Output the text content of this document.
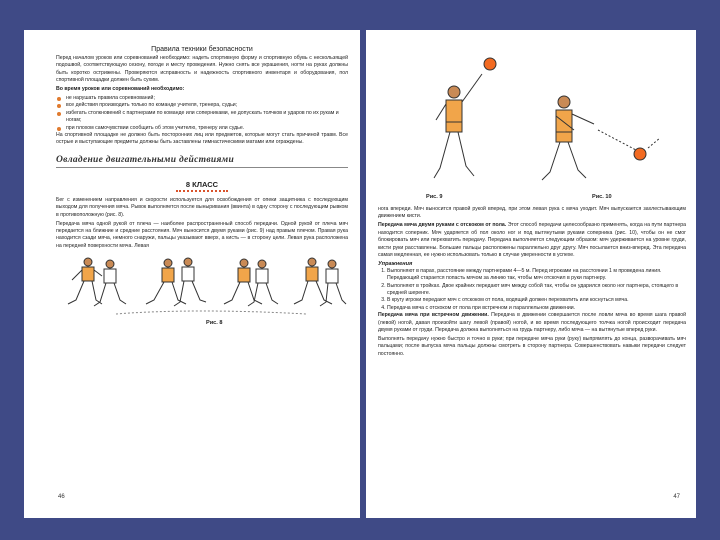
Правила техники безопасности

Перед началом уроков или соревнований необходимо: надеть спортивную форму и спортивную обувь с нескользящей подошвой, соответствующую сезону, погоде и месту проведения. Нужно снять все украшения, ногти на руках должны быть коротко острижены. Проверяются исправность и надежность спортивного инвентаря и оборудования, пол спортивной площадки должен быть сухим.

Во время уроков или соревнований необходимо:

не нарушать правила соревнований;
все действия производить только по команде учителя, тренера, судьи;
избегать столкновений с партнерами по команде или соперниками, не допускать толчков и ударов по их рукам и ногам;
при плохом самочувствии сообщить об этом учителю, тренеру или судье.

На спортивной площадке не должно быть посторонних лиц или предметов, которые могут стать причиной травм. Все острые и выступающие предметы должны быть заставлены гимнастическими матами или ограждены.

Овладение двигательными действиями
8 КЛАСС

Бег с изменением направления и скорости используется для освобождения от опеки защитника с последующим выходом для получения мяча. Рывок выполняется после выныривания (ввинта) в одну сторону с последующим рывком в противоположную (рис. 8).

Передача мяча одной рукой от плеча — наиболее распространенный способ передачи. Одной рукой от плеча мяч передается на ближние и средние расстояния. Мяч выносится двумя руками (рис. 9) над правым плечом. Правая рука находится сзади мяча, немного снаружи, пальцы указывают вверх, а кисть — в сторону цели. Левая рука расположена на передней поверхности мяча. Левая

Рис. 8
46
Рис. 9	Рис. 10

нога впереди. Мяч выносится правой рукой вперед, при этом левая рука с мяча уходит. Мяч выпускается захлестывающим движением кисти.

Передача мяча двумя руками с отскоком от пола. Этот способ передачи целесообразно применять, когда на пути партнера находится соперник. Мяч ударяется об пол около ног и под вытянутыми руками соперника (рис. 10), чтобы он не смог блокировать мяч или перехватить передачу. Передача выполняется следующим образом: мяч удерживается на уровне груди, кисти руки расставлены. Большие пальцы расположены параллельно друг другу. Мяч посылается вниз-вперед. Эта передача самая медленная, ее нужно использовать только в случае уверенности в успехе.

Упражнения
1. Выполняют в парах, расстояние между партнерами 4—5 м. Перед игроками на расстоянии 1 м проведена линия. Передающий старается попасть мячом за линию так, чтобы мяч отскочил в руки партнеру.
2. Выполняют в тройках. Двое крайних передают мяч между собой так, чтобы он ударился около ног партнера, стоящего в средней шеренге.
3. В кругу игроки передают мяч с отскоком от пола, водящий должен перехватить или коснуться мяча.
4. Передача мяча с отскоком от пола при встречном и параллельном движении.

Передача мяча при встречном движении. Передача в движении совершается после ловли мяча во время шага правой (левой) ногой, давая произойти шагу левой (правой) ногой, и во время последующего толчка ногой происходит передача двумя руками от груди. Передача должна выполняться на грудь партнеру, либо мяча — на вытянутые вперед руки.

Выполнять передачу нужно быстро и точно в руки; при передаче мяча руки (руку) выпрямлять до конца, разворачивать мяч пальцами; после выпуска мяча пальцы должны смотреть в сторону партнера. Совершенствовать навыки передачи следует постоянно.

47
